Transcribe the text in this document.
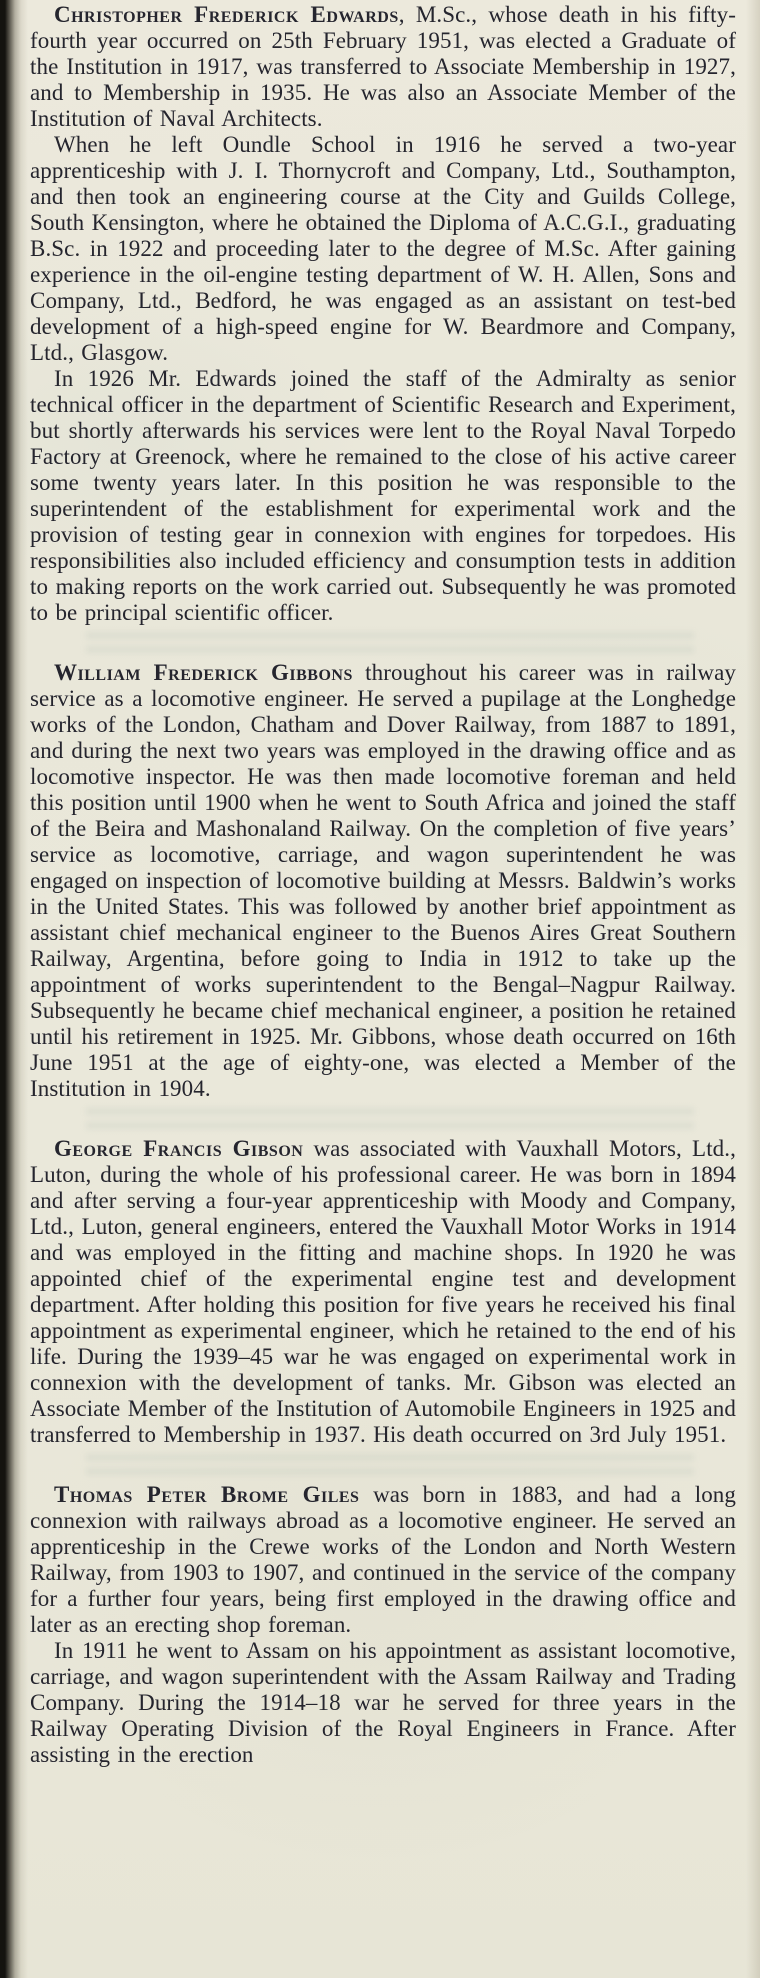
Christopher Frederick Edwards, M.Sc., whose death in his fifty-fourth year occurred on 25th February 1951, was elected a Graduate of the Institution in 1917, was transferred to Associate Membership in 1927, and to Membership in 1935. He was also an Associate Member of the Institution of Naval Architects.

When he left Oundle School in 1916 he served a two-year apprenticeship with J. I. Thornycroft and Company, Ltd., Southampton, and then took an engineering course at the City and Guilds College, South Kensington, where he obtained the Diploma of A.C.G.I., graduating B.Sc. in 1922 and proceeding later to the degree of M.Sc. After gaining experience in the oil-engine testing department of W. H. Allen, Sons and Company, Ltd., Bedford, he was engaged as an assistant on test-bed development of a high-speed engine for W. Beardmore and Company, Ltd., Glasgow.

In 1926 Mr. Edwards joined the staff of the Admiralty as senior technical officer in the department of Scientific Research and Experiment, but shortly afterwards his services were lent to the Royal Naval Torpedo Factory at Greenock, where he remained to the close of his active career some twenty years later. In this position he was responsible to the superintendent of the establishment for experimental work and the provision of testing gear in connexion with engines for torpedoes. His responsibilities also included efficiency and consumption tests in addition to making reports on the work carried out. Subsequently he was promoted to be principal scientific officer.

William Frederick Gibbons throughout his career was in railway service as a locomotive engineer. He served a pupilage at the Longhedge works of the London, Chatham and Dover Railway, from 1887 to 1891, and during the next two years was employed in the drawing office and as locomotive inspector. He was then made locomotive foreman and held this position until 1900 when he went to South Africa and joined the staff of the Beira and Mashonaland Railway. On the completion of five years’ service as locomotive, carriage, and wagon superintendent he was engaged on inspection of locomotive building at Messrs. Baldwin’s works in the United States. This was followed by another brief appointment as assistant chief mechanical engineer to the Buenos Aires Great Southern Railway, Argentina, before going to India in 1912 to take up the appointment of works superintendent to the Bengal–Nagpur Railway. Subsequently he became chief mechanical engineer, a position he retained until his retirement in 1925. Mr. Gibbons, whose death occurred on 16th June 1951 at the age of eighty-one, was elected a Member of the Institution in 1904.

George Francis Gibson was associated with Vauxhall Motors, Ltd., Luton, during the whole of his professional career. He was born in 1894 and after serving a four-year apprenticeship with Moody and Company, Ltd., Luton, general engineers, entered the Vauxhall Motor Works in 1914 and was employed in the fitting and machine shops. In 1920 he was appointed chief of the experimental engine test and development department. After holding this position for five years he received his final appointment as experimental engineer, which he retained to the end of his life. During the 1939–45 war he was engaged on experimental work in connexion with the development of tanks. Mr. Gibson was elected an Associate Member of the Institution of Automobile Engineers in 1925 and transferred to Membership in 1937. His death occurred on 3rd July 1951.

Thomas Peter Brome Giles was born in 1883, and had a long connexion with railways abroad as a locomotive engineer. He served an apprenticeship in the Crewe works of the London and North Western Railway, from 1903 to 1907, and continued in the service of the company for a further four years, being first employed in the drawing office and later as an erecting shop foreman.

In 1911 he went to Assam on his appointment as assistant locomotive, carriage, and wagon superintendent with the Assam Railway and Trading Company. During the 1914–18 war he served for three years in the Railway Operating Division of the Royal Engineers in France. After assisting in the erection
